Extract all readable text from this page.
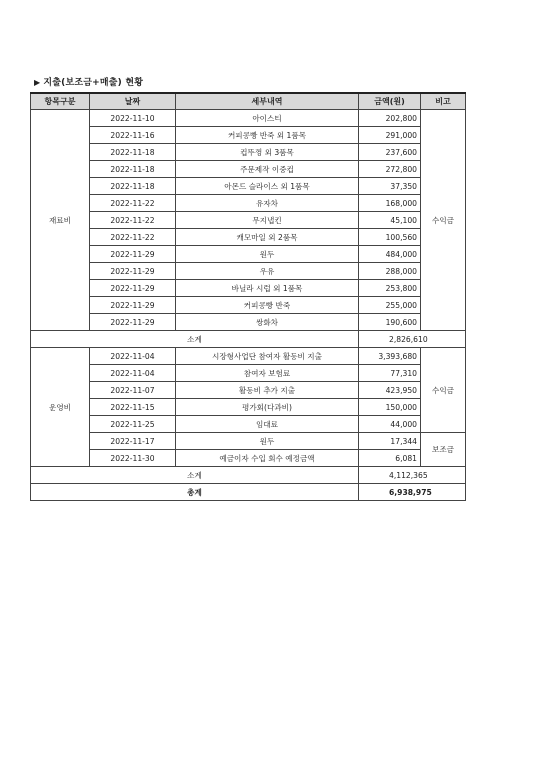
▶ 지출(보조금+매출) 현황
항목구분	날짜	세부내역	금액(원)	비고
재료비	2022-11-10	아이스티	202,800	수익금
	2022-11-16	커피콩빵 반죽 외 1품목	291,000	
	2022-11-18	컵뚜껑 외 3품목	237,600	
	2022-11-18	주문제작 이중컵	272,800	
	2022-11-18	아몬드 슬라이스 외 1품목	37,350	
	2022-11-22	유자차	168,000	
	2022-11-22	무지냅킨	45,100	
	2022-11-22	캐모마일 외 2품목	100,560	
	2022-11-29	원두	484,000	
	2022-11-29	우유	288,000	
	2022-11-29	바닐라 시럽 외 1품목	253,800	
	2022-11-29	커피콩빵 반죽	255,000	
	2022-11-29	쌍화차	190,600	
소계			2,826,610	
운영비	2022-11-04	시장형사업단 참여자 활동비 지출	3,393,680	수익금
	2022-11-04	참여자 보험료	77,310	
	2022-11-07	활동비 추가 지출	423,950	
	2022-11-15	평가회(다과비)	150,000	
	2022-11-25	임대료	44,000	
	2022-11-17	원두	17,344	보조금
	2022-11-30	예금이자 수입 회수 예정금액	6,081	
소계			4,112,365	
총계			6,938,975	
